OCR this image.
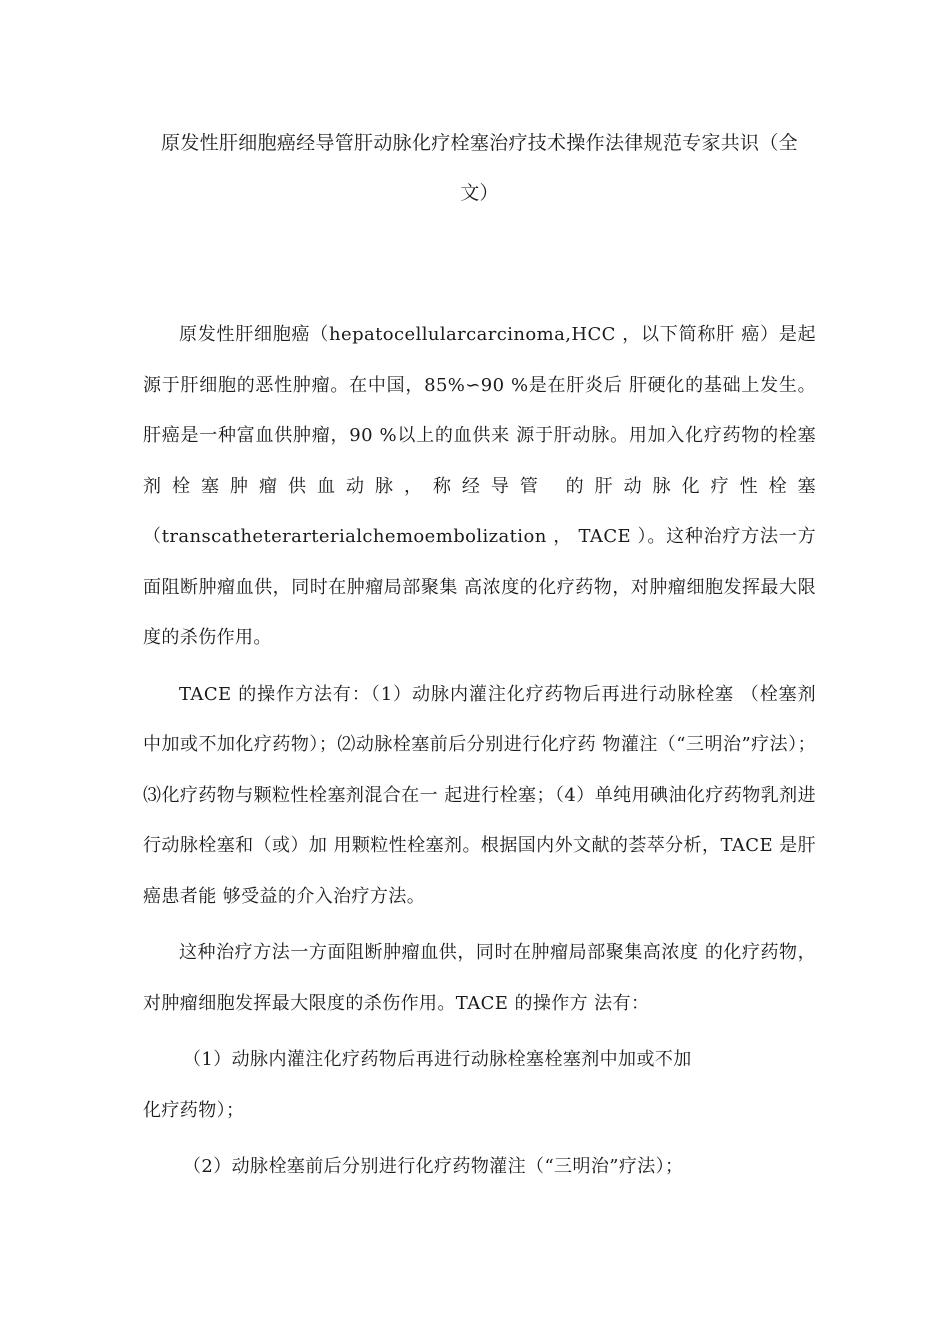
原发性肝细胞癌经导管肝动脉化疗栓塞治疗技术操作法律规范专家共识（全
文）

原发性肝细胞癌（hepatocellularcarcinoma,HCC ，以下简称肝 癌）是起源于肝细胞的恶性肿瘤。在中国，85%∽90 %是在肝炎后 肝硬化的基础上发生。肝癌是一种富血供肿瘤，90 %以上的血供来 源于肝动脉。用加入化疗药物的栓塞剂栓塞肿瘤供血动脉，称经导管 的肝动脉化疗性栓塞（transcatheterarterialchemoembolization ， TACE ）。这种治疗方法一方面阻断肿瘤血供，同时在肿瘤局部聚集 高浓度的化疗药物，对肿瘤细胞发挥最大限度的杀伤作用。

TACE 的操作方法有：（1）动脉内灌注化疗药物后再进行动脉栓塞 （栓塞剂中加或不加化疗药物）；⑵动脉栓塞前后分别进行化疗药 物灌注（“三明治”疗法）；⑶化疗药物与颗粒性栓塞剂混合在一 起进行栓塞；（4）单纯用碘油化疗药物乳剂进行动脉栓塞和（或）加 用颗粒性栓塞剂。根据国内外文献的荟萃分析，TACE 是肝癌患者能 够受益的介入治疗方法。

这种治疗方法一方面阻断肿瘤血供，同时在肿瘤局部聚集高浓度 的化疗药物，对肿瘤细胞发挥最大限度的杀伤作用。TACE 的操作方 法有：

（1）动脉内灌注化疗药物后再进行动脉栓塞栓塞剂中加或不加

化疗药物）；

（2）动脉栓塞前后分别进行化疗药物灌注（“三明治”疗法）；
